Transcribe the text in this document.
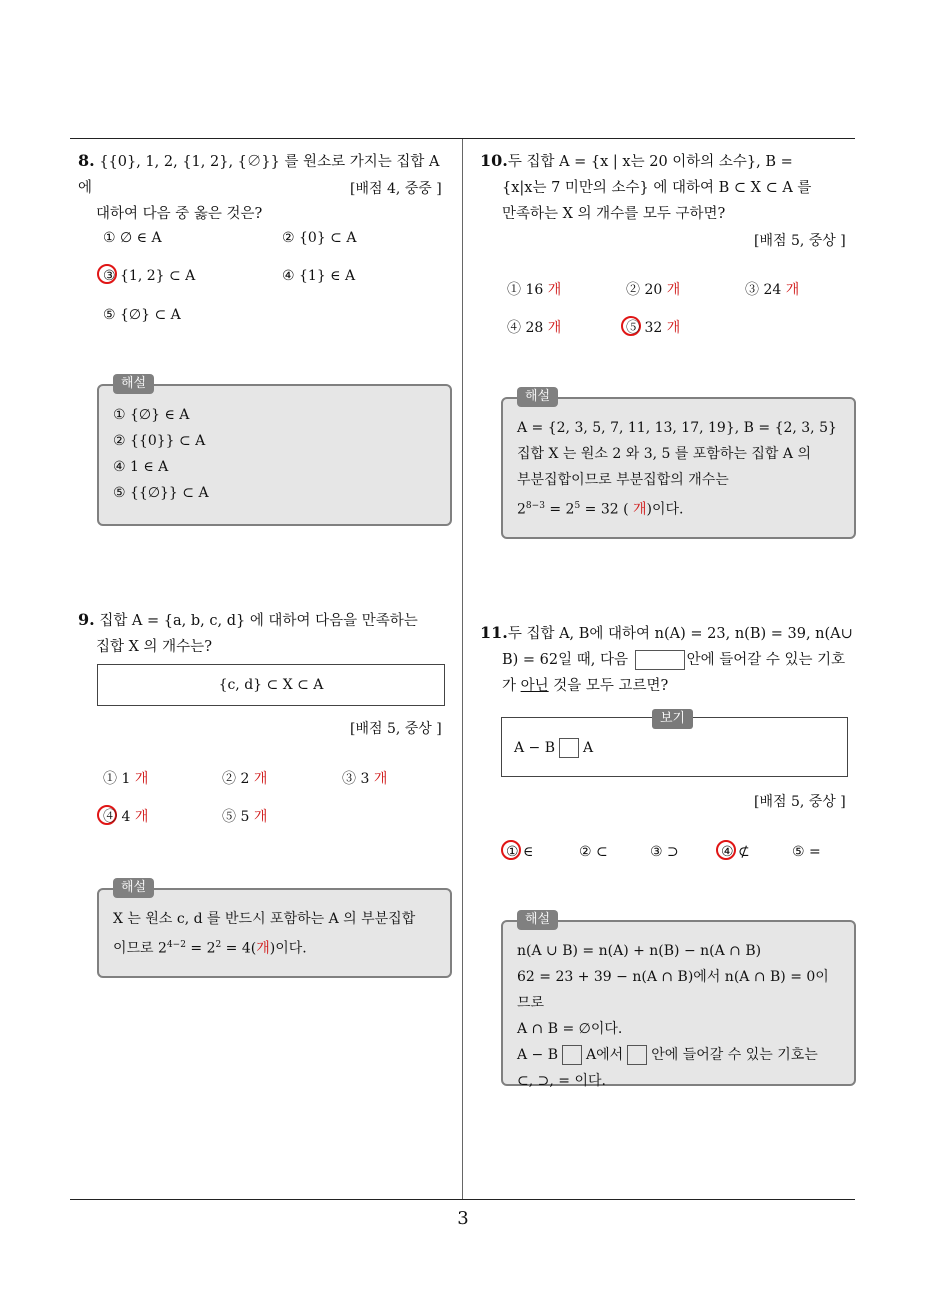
3
8. {{0}, 1, 2, {1, 2}, {∅}} 를 원소로 가지는 집합 A 에
대하여 다음 중 옳은 것은?
[배점 4, 중중 ]
① ∅ ∈ A	② {0} ⊂ A
③ {1, 2} ⊂ A	④ {1} ∈ A
⑤ {∅} ⊂ A
해설
① {∅} ∈ A
② {{0}} ⊂ A
④ 1 ∈ A
⑤ {{∅}} ⊂ A
9. 집합 A = {a, b, c, d} 에 대하여 다음을 만족하는
집합 X 의 개수는?
{c, d} ⊂ X ⊂ A
[배점 5, 중상 ]
① 1 개	② 2 개	③ 3 개
④ 4 개	⑤ 5 개
해설
X 는 원소 c, d 를 반드시 포함하는 A 의 부분집합
이므로 $2^{4-2} = 2^2 = 4$(개)이다.
10.두 집합 A = {x | x는 20 이하의 소수}, B =
{x|x는 7 미만의 소수} 에 대하여 B ⊂ X ⊂ A 를
만족하는 X 의 개수를 모두 구하면?
[배점 5, 중상 ]
① 16 개	② 20 개	③ 24 개
④ 28 개	⑤ 32 개
해설
A = {2, 3, 5, 7, 11, 13, 17, 19}, B = {2, 3, 5}
집합 X 는 원소 2 와 3, 5 를 포함하는 집합 A 의
부분집합이므로 부분집합의 개수는
$2^{8-3} = 2^5 = 32$ ( 개)이다.
11.두 집합 A, B에 대하여 n(A) = 23, n(B) = 39, n(A∪
B) = 62일 때, 다음	안에 들어갈 수 있는 기호
가 아닌 것을 모두 고르면?
보기
A − B A
[배점 5, 중상 ]
① ∈	② ⊂	③ ⊃	④ ⊄	⑤ =
해설
n(A ∪ B) = n(A) + n(B) − n(A ∩ B)
62 = 23 + 39 − n(A ∩ B)에서 n(A ∩ B) = 0이므로
A ∩ B = ∅이다.
A − B A에서 안에 들어갈 수 있는 기호는
⊂, ⊃, = 이다.
